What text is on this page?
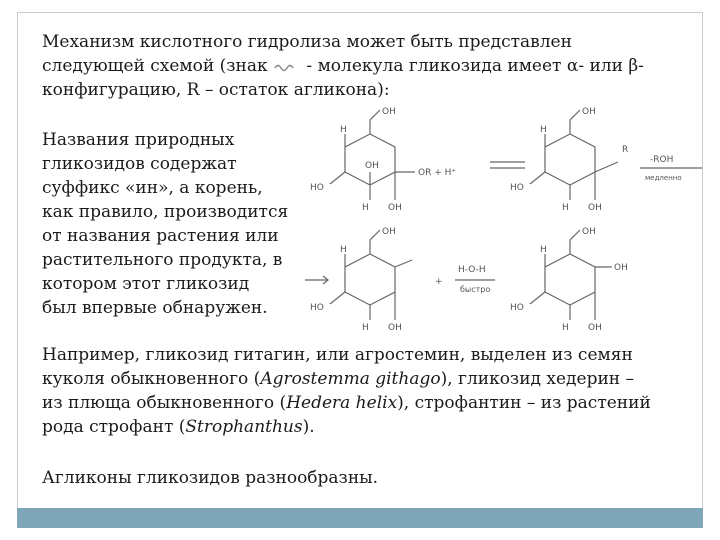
Механизм кислотного гидролиза может быть представлен
следующей схемой (знак - молекула гликозида имеет α- или β-
конфигурацию, R – остаток агликона):
Названия природных
гликозидов содержат
суффикс «ин», а корень,
как правило, производится
от названия растения или
растительного продукта, в
котором этот гликозид
был впервые обнаружен.
OH
H
HO
OH
H OH
OR + H⁺
OH
H
HO
H OH
R
-ROH
медленно
OH
H
HO
H OH
+
H-O-H
быстро
OH
H
HO
H OH
OH
Например, гликозид гитагин, или агростемин, выделен из семян
куколя обыкновенного (Agrostemma githago), гликозид хедерин –
из плюща обыкновенного (Hedera helix), строфантин – из растений
рода строфант (Strophanthus).
Агликоны гликозидов разнообразны.
